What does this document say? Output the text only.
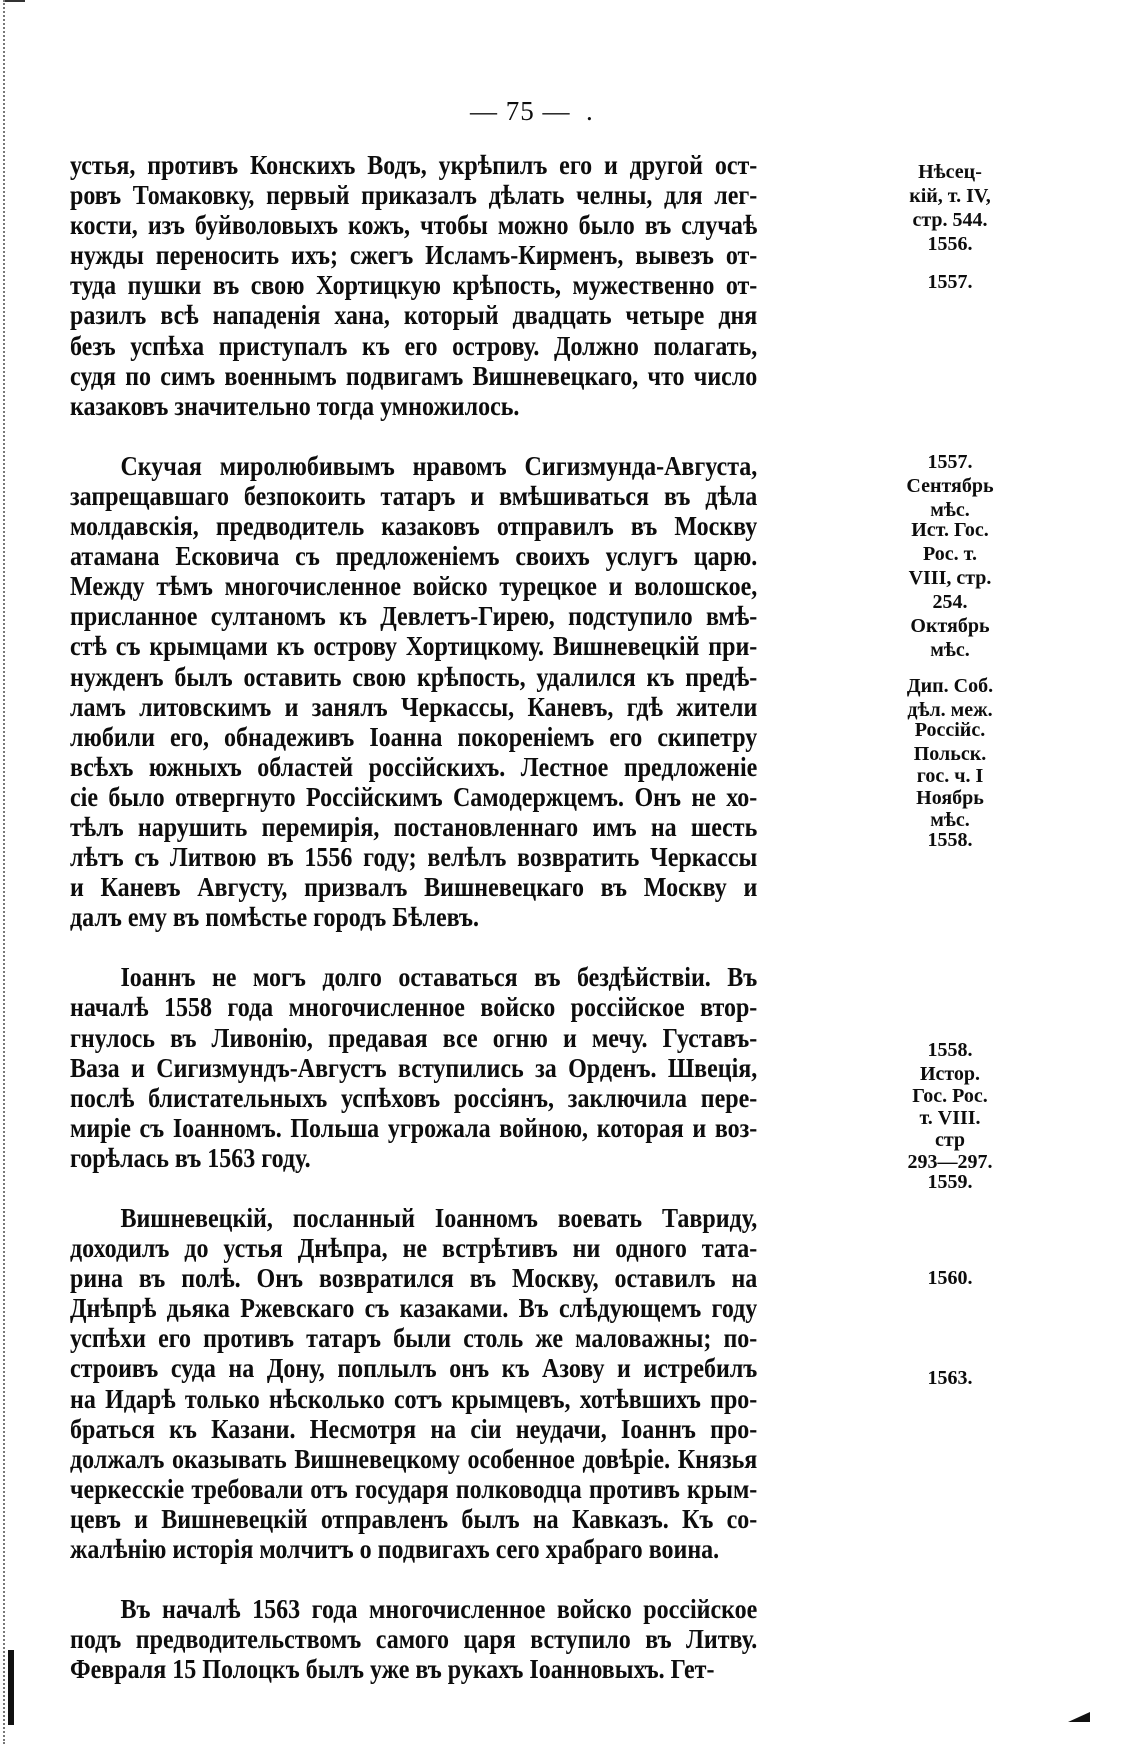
— 75 —  .
устья, противъ Конскихъ Водъ, укрѣпилъ его и другой ост-
ровъ Томаковку, первый приказалъ дѣлать челны, для лег-
кости, изъ буйволовыхъ кожъ, чтобы можно было въ случаѣ
нужды переносить ихъ; сжегъ Исламъ-Кирменъ, вывезъ от-
туда пушки въ свою Хортицкую крѣпость, мужественно от-
разилъ всѣ нападенія хана, который двадцать четыре дня
безъ успѣха приступалъ къ его острову. Должно полагать,
судя по симъ военнымъ подвигамъ Вишневецкаго, что число
казаковъ значительно тогда умножилось.
Скучая миролюбивымъ нравомъ Сигизмунда-Августа,
запрещавшаго безпокоить татаръ и вмѣшиваться въ дѣла
молдавскія, предводитель казаковъ отправилъ въ Москву
атамана Есковича съ предложеніемъ своихъ услугъ царю.
Между тѣмъ многочисленное войско турецкое и волошское,
присланное султаномъ къ Девлетъ-Гирею, подступило вмѣ-
стѣ съ крымцами къ острову Хортицкому. Вишневецкій при-
нужденъ былъ оставить свою крѣпость, удалился къ предѣ-
ламъ литовскимъ и занялъ Черкассы, Каневъ, гдѣ жители
любили его, обнадеживъ Іоанна покореніемъ его скипетру
всѣхъ южныхъ областей россійскихъ. Лестное предложеніе
сіе было отвергнуто Россійскимъ Самодержцемъ. Онъ не хо-
тѣлъ нарушить перемирія, постановленнаго имъ на шесть
лѣтъ съ Литвою въ 1556 году; велѣлъ возвратить Черкассы
и Каневъ Августу, призвалъ Вишневецкаго въ Москву и
далъ ему въ помѣстье городъ Бѣлевъ.
Іоаннъ не могъ долго оставаться въ бездѣйствіи. Въ
началѣ 1558 года многочисленное войско россійское втор-
гнулось въ Ливонію, предавая все огню и мечу. Густавъ-
Ваза и Сигизмундъ-Августъ вступились за Орденъ. Швеція,
послѣ блистательныхъ успѣховъ россіянъ, заключила пере-
миріе съ Іоанномъ. Польша угрожала войною, которая и воз-
горѣлась въ 1563 году.
Вишневецкій, посланный Іоанномъ воевать Тавриду,
доходилъ до устья Днѣпра, не встрѣтивъ ни одного тата-
рина въ полѣ. Онъ возвратился въ Москву, оставилъ на
Днѣпрѣ дьяка Ржевскаго съ казаками. Въ слѣдующемъ году
успѣхи его противъ татаръ были столь же маловажны; по-
строивъ суда на Дону, поплылъ онъ къ Азову и истребилъ
на Идарѣ только нѣсколько сотъ крымцевъ, хотѣвшихъ про-
браться къ Казани. Несмотря на сіи неудачи, Іоаннъ про-
должалъ оказывать Вишневецкому особенное довѣріе. Князья
черкесскіе требовали отъ государя полководца противъ крым-
цевъ и Вишневецкій отправленъ былъ на Кавказъ. Къ со-
жалѣнію исторія молчитъ о подвигахъ сего храбраго воина.
Въ началѣ 1563 года многочисленное войско россійское
подъ предводительствомъ самого царя вступило въ Литву.
Февраля 15 Полоцкъ былъ уже въ рукахъ Іоанновыхъ. Гет-
Нѣсец-
кій, т. IV,
стр. 544.
1556.
1557.
1557.
Сентябрь
мѣс.
Ист. Гос.
Рос. т.
VIII, стр.
254.
Октябрь
мѣс.
Дип. Соб.
дѣл. меж.
Россійс.
Польск.
гос. ч. I
Ноябрь
мѣс.
1558.
1558.
Истор.
Гос. Рос.
т. VIII.
стр
293—297.
1559.
1560.
1563.
